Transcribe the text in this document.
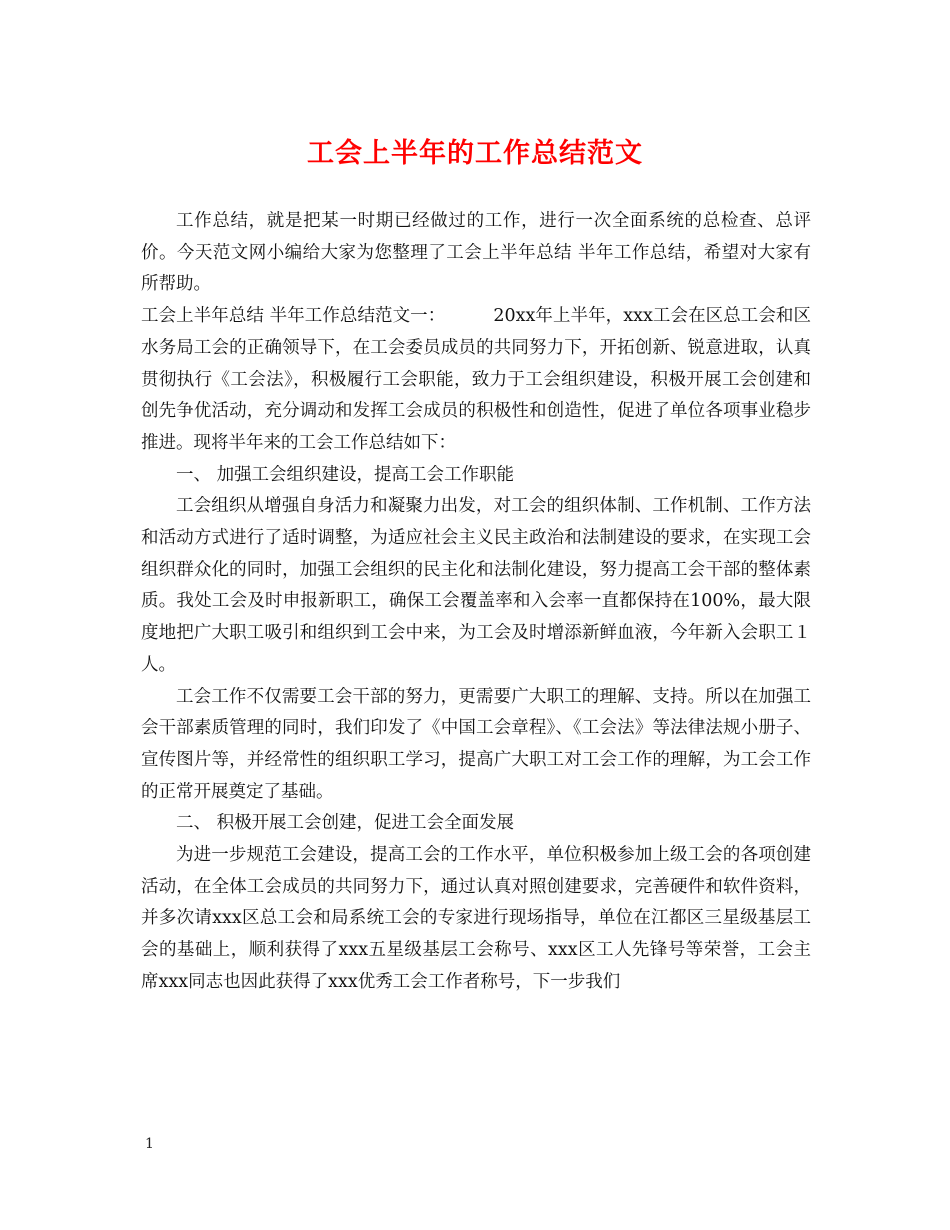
工会上半年的工作总结范文

工作总结，就是把某一时期已经做过的工作，进行一次全面系统的总检查、总评价。今天范文网小编给大家为您整理了工会上半年总结 半年工作总结，希望对大家有所帮助。

工会上半年总结 半年工作总结范文一：	20xx年上半年，xxx工会在区总工会和区水务局工会的正确领导下，在工会委员成员的共同努力下，开拓创新、锐意进取，认真贯彻执行《工会法》，积极履行工会职能，致力于工会组织建设，积极开展工会创建和创先争优活动，充分调动和发挥工会成员的积极性和创造性，促进了单位各项事业稳步推进。现将半年来的工会工作总结如下：

一、 加强工会组织建设，提高工会工作职能

工会组织从增强自身活力和凝聚力出发，对工会的组织体制、工作机制、工作方法和活动方式进行了适时调整，为适应社会主义民主政治和法制建设的要求，在实现工会组织群众化的同时，加强工会组织的民主化和法制化建设，努力提高工会干部的整体素质。我处工会及时申报新职工，确保工会覆盖率和入会率一直都保持在100%，最大限度地把广大职工吸引和组织到工会中来，为工会及时增添新鲜血液，今年新入会职工１人。

工会工作不仅需要工会干部的努力，更需要广大职工的理解、支持。所以在加强工会干部素质管理的同时，我们印发了《中国工会章程》、《工会法》等法律法规小册子、宣传图片等，并经常性的组织职工学习，提高广大职工对工会工作的理解，为工会工作的正常开展奠定了基础。

二、 积极开展工会创建，促进工会全面发展

为进一步规范工会建设，提高工会的工作水平，单位积极参加上级工会的各项创建活动，在全体工会成员的共同努力下，通过认真对照创建要求，完善硬件和软件资料，并多次请xxx区总工会和局系统工会的专家进行现场指导，单位在江都区三星级基层工会的基础上，顺利获得了xxx五星级基层工会称号、xxx区工人先锋号等荣誉，工会主席xxx同志也因此获得了xxx优秀工会工作者称号，下一步我们

1
